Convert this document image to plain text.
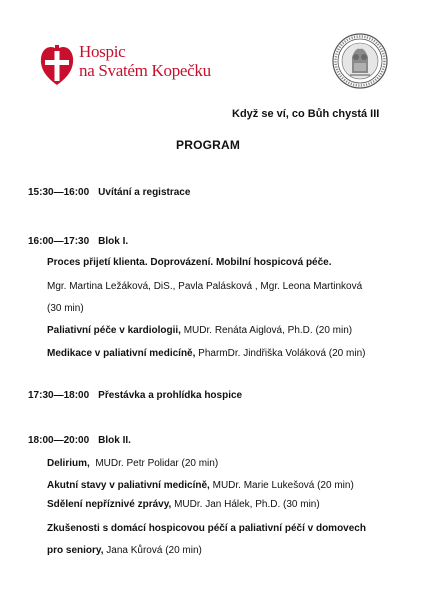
Hospic
na Svatém Kopečku
Když se ví, co Bůh chystá III
PROGRAM
15:30—16:00 Uvítání a registrace
16:00—17:30 Blok I.
Proces přijetí klienta. Doprovázení. Mobilní hospicová péče.
Mgr. Martina Ležáková, DiS., Pavla Palásková , Mgr. Leona Martinková
(30 min)
Paliativní péče v kardiologii, MUDr. Renáta Aiglová, Ph.D. (20 min)
Medikace v paliativní medicíně, PharmDr. Jindřiška Voláková (20 min)
17:30—18:00 Přestávka a prohlídka hospice
18:00—20:00 Blok II.
Delirium,  MUDr. Petr Polidar (20 min)
Akutní stavy v paliativní medicíně, MUDr. Marie Lukešová (20 min)
Sdělení nepříznivé zprávy, MUDr. Jan Hálek, Ph.D. (30 min)
Zkušenosti s domácí hospicovou péčí a paliativní péčí v domovech
pro seniory, Jana Kůrová (20 min)
